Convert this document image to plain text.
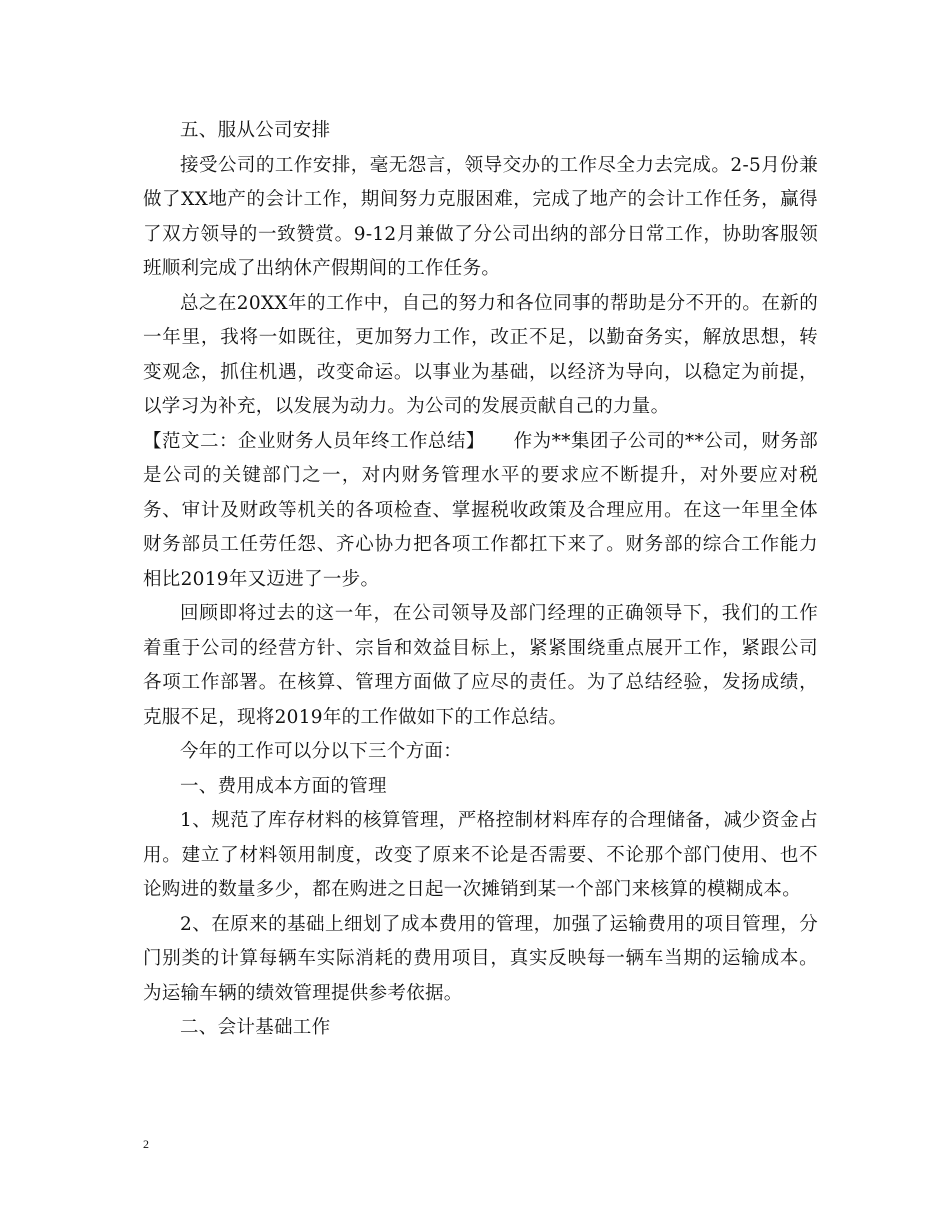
五、服从公司安排

接受公司的工作安排，毫无怨言，领导交办的工作尽全力去完成。2-5月份兼做了XX地产的会计工作，期间努力克服困难，完成了地产的会计工作任务，赢得了双方领导的一致赞赏。9-12月兼做了分公司出纳的部分日常工作，协助客服领班顺利完成了出纳休产假期间的工作任务。

总之在20XX年的工作中，自己的努力和各位同事的帮助是分不开的。在新的一年里，我将一如既往，更加努力工作，改正不足，以勤奋务实，解放思想，转变观念，抓住机遇，改变命运。以事业为基础，以经济为导向，以稳定为前提，以学习为补充，以发展为动力。为公司的发展贡献自己的力量。

【范文二：企业财务人员年终工作总结】　　作为**集团子公司的**公司，财务部是公司的关键部门之一，对内财务管理水平的要求应不断提升，对外要应对税务、审计及财政等机关的各项检查、掌握税收政策及合理应用。在这一年里全体财务部员工任劳任怨、齐心协力把各项工作都扛下来了。财务部的综合工作能力相比2019年又迈进了一步。

回顾即将过去的这一年，在公司领导及部门经理的正确领导下，我们的工作着重于公司的经营方针、宗旨和效益目标上，紧紧围绕重点展开工作，紧跟公司各项工作部署。在核算、管理方面做了应尽的责任。为了总结经验，发扬成绩，克服不足，现将2019年的工作做如下的工作总结。

今年的工作可以分以下三个方面：

一、费用成本方面的管理

1、规范了库存材料的核算管理，严格控制材料库存的合理储备，减少资金占用。建立了材料领用制度，改变了原来不论是否需要、不论那个部门使用、也不论购进的数量多少，都在购进之日起一次摊销到某一个部门来核算的模糊成本。

2、在原来的基础上细划了成本费用的管理，加强了运输费用的项目管理，分门别类的计算每辆车实际消耗的费用项目，真实反映每一辆车当期的运输成本。为运输车辆的绩效管理提供参考依据。

二、会计基础工作

2
